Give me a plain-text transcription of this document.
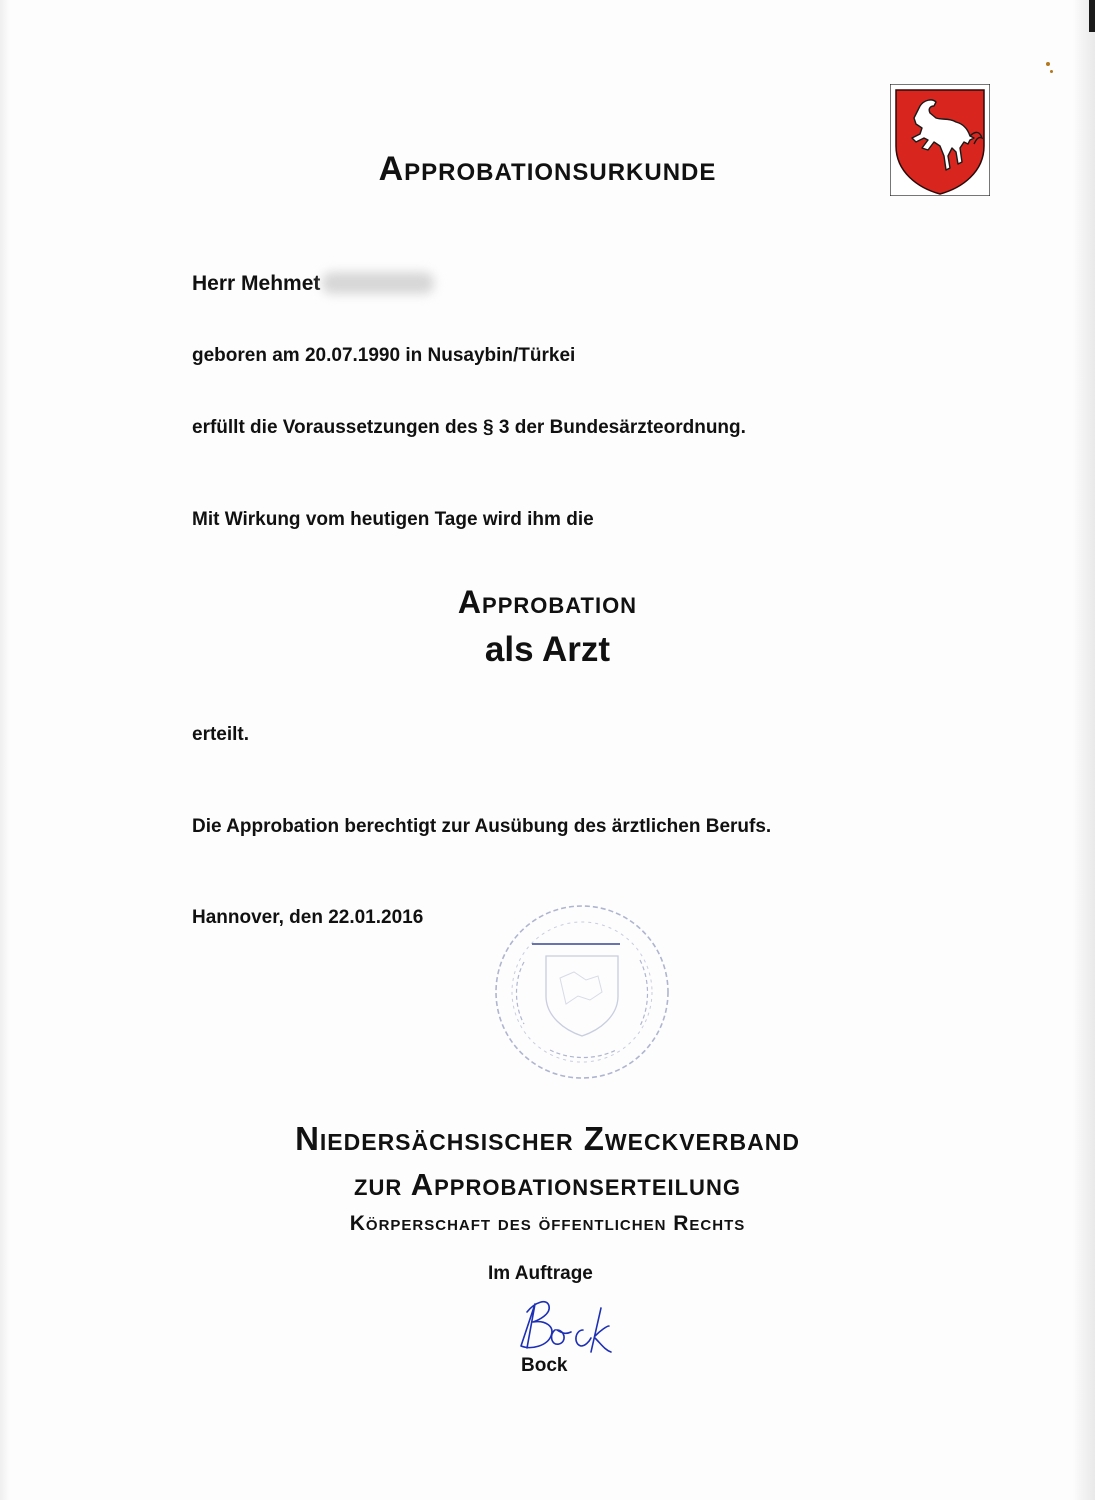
Approbationsurkunde
Herr Mehmet
geboren am 20.07.1990 in Nusaybin/Türkei
erfüllt die Voraussetzungen des § 3 der Bundesärzteordnung.
Mit Wirkung vom heutigen Tage wird ihm die
Approbation
als Arzt
erteilt.
Die Approbation berechtigt zur Ausübung des ärztlichen Berufs.
Hannover, den 22.01.2016
Niedersächsischer Zweckverband
zur Approbationserteilung
Körperschaft des öffentlichen Rechts
Im Auftrage
Bock
